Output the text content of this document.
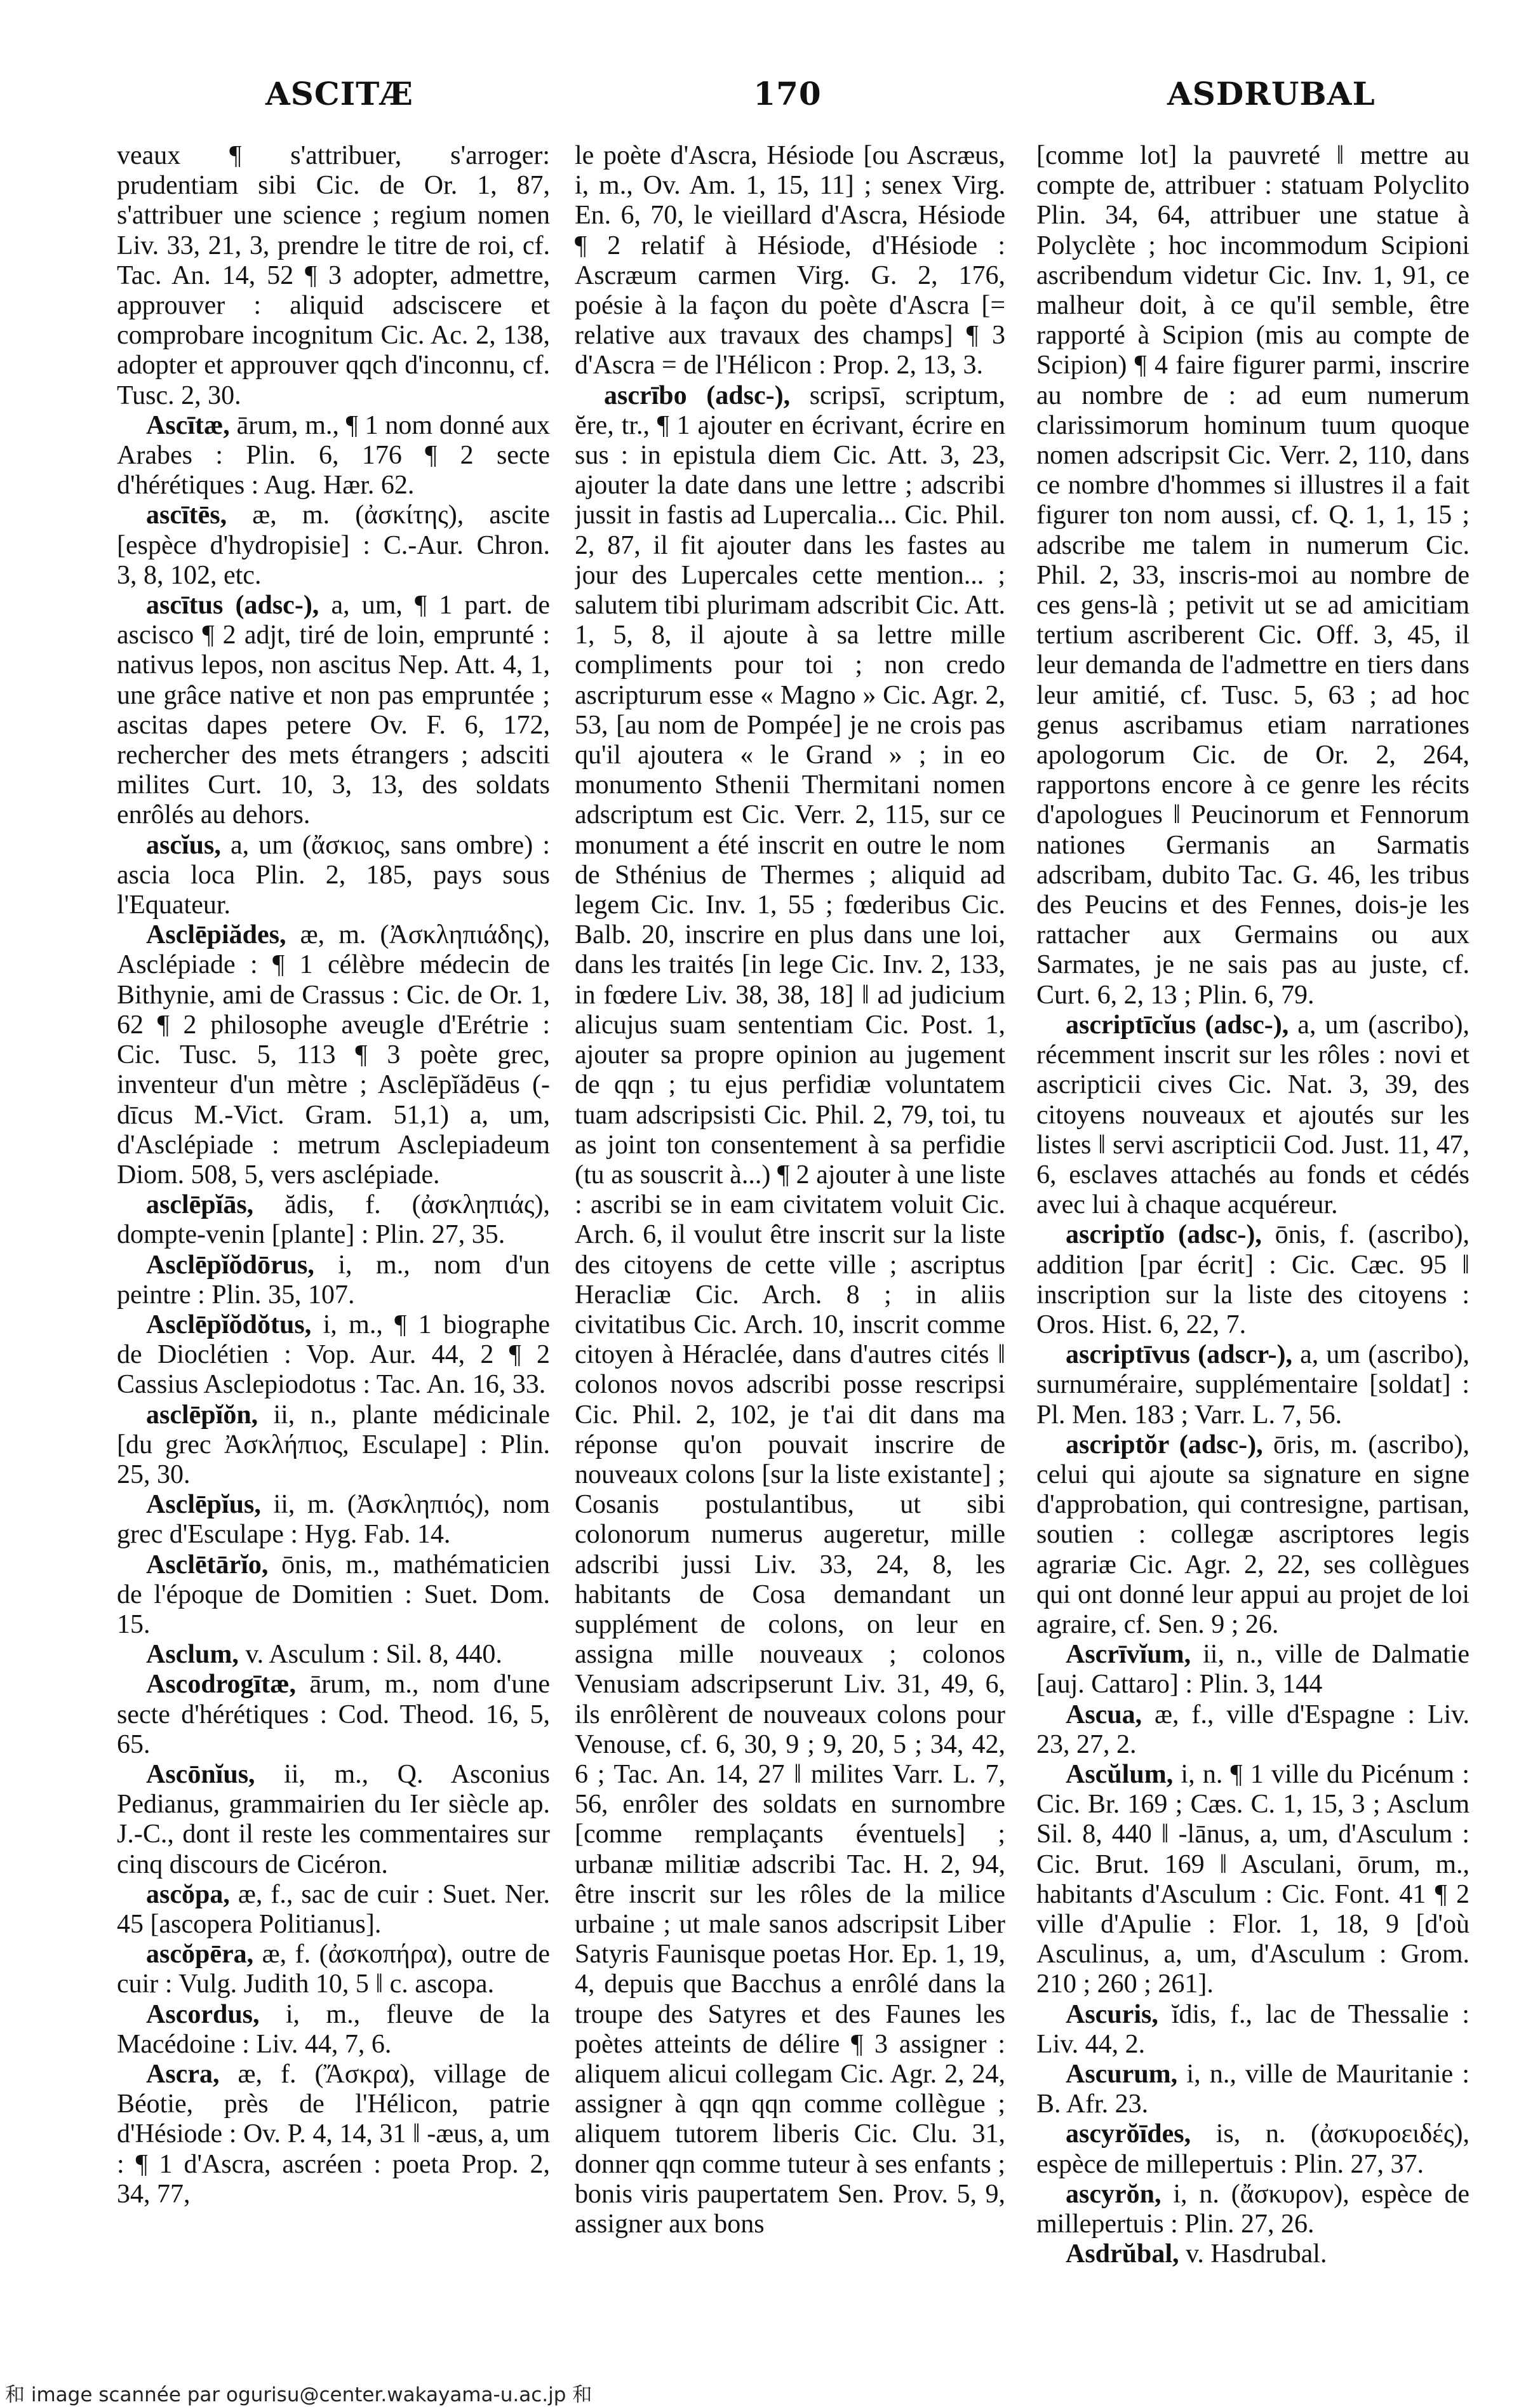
ASCITÆ	170	ASDRUBAL

veaux ¶ s'attribuer, s'arroger: prudentiam sibi Cic. de Or. 1, 87, s'attribuer une science ; regium nomen Liv. 33, 21, 3, prendre le titre de roi, cf. Tac. An. 14, 52 ¶ 3 adopter, admettre, approuver : aliquid adsciscere et comprobare incognitum Cic. Ac. 2, 138, adopter et approuver qqch d'inconnu, cf. Tusc. 2, 30.

Ascītæ, ārum, m., ¶ 1 nom donné aux Arabes : Plin. 6, 176 ¶ 2 secte d'hérétiques : Aug. Hær. 62.

ascītēs, æ, m. (ἀσκίτης), ascite [espèce d'hydropisie] : C.-Aur. Chron. 3, 8, 102, etc.

ascītus (adsc-), a, um, ¶ 1 part. de ascisco ¶ 2 adjt, tiré de loin, emprunté : nativus lepos, non ascitus Nep. Att. 4, 1, une grâce native et non pas empruntée ; ascitas dapes petere Ov. F. 6, 172, rechercher des mets étrangers ; adsciti milites Curt. 10, 3, 13, des soldats enrôlés au dehors.

ascĭus, a, um (ἄσκιος, sans ombre) : ascia loca Plin. 2, 185, pays sous l'Equateur.

Asclēpiădes, æ, m. (Ἀσκληπιάδης), Asclépiade : ¶ 1 célèbre médecin de Bithynie, ami de Crassus : Cic. de Or. 1, 62 ¶ 2 philosophe aveugle d'Erétrie : Cic. Tusc. 5, 113 ¶ 3 poète grec, inventeur d'un mètre ; Asclēpĭădēus (-dīcus M.-Vict. Gram. 51,1) a, um, d'Asclépiade : metrum Asclepiadeum Diom. 508, 5, vers asclépiade.

asclēpĭās, ădis, f. (ἀσκληπιάς), dompte-venin [plante] : Plin. 27, 35.

Asclēpĭŏdōrus, i, m., nom d'un peintre : Plin. 35, 107.

Asclēpĭŏdŏtus, i, m., ¶ 1 biographe de Dioclétien : Vop. Aur. 44, 2 ¶ 2 Cassius Asclepiodotus : Tac. An. 16, 33.

asclēpĭŏn, ii, n., plante médicinale [du grec Ἀσκλήπιος, Esculape] : Plin. 25, 30.

Asclēpĭus, ii, m. (Ἀσκληπιός), nom grec d'Esculape : Hyg. Fab. 14.

Asclētārĭo, ōnis, m., mathématicien de l'époque de Domitien : Suet. Dom. 15.

Asclum, v. Asculum : Sil. 8, 440.

Ascodrogītæ, ārum, m., nom d'une secte d'hérétiques : Cod. Theod. 16, 5, 65.

Ascōnĭus, ii, m., Q. Asconius Pedianus, grammairien du Ier siècle ap. J.-C., dont il reste les commentaires sur cinq discours de Cicéron.

ascŏpa, æ, f., sac de cuir : Suet. Ner. 45 [ascopera Politianus].

ascŏpēra, æ, f. (ἀσκοπήρα), outre de cuir : Vulg. Judith 10, 5 ‖ c. ascopa.

Ascordus, i, m., fleuve de la Macédoine : Liv. 44, 7, 6.

Ascra, æ, f. (Ἄσκρα), village de Béotie, près de l'Hélicon, patrie d'Hésiode : Ov. P. 4, 14, 31 ‖ -æus, a, um : ¶ 1 d'Ascra, ascréen : poeta Prop. 2, 34, 77,

le poète d'Ascra, Hésiode [ou Ascræus, i, m., Ov. Am. 1, 15, 11] ; senex Virg. En. 6, 70, le vieillard d'Ascra, Hésiode ¶ 2 relatif à Hésiode, d'Hésiode : Ascræum carmen Virg. G. 2, 176, poésie à la façon du poète d'Ascra [= relative aux travaux des champs] ¶ 3 d'Ascra = de l'Hélicon : Prop. 2, 13, 3.

ascrībo (adsc-), scripsī, scriptum, ĕre, tr., ¶ 1 ajouter en écrivant, écrire en sus : in epistula diem Cic. Att. 3, 23, ajouter la date dans une lettre ; adscribi jussit in fastis ad Lupercalia... Cic. Phil. 2, 87, il fit ajouter dans les fastes au jour des Lupercales cette mention... ; salutem tibi plurimam adscribit Cic. Att. 1, 5, 8, il ajoute à sa lettre mille compliments pour toi ; non credo ascripturum esse « Magno » Cic. Agr. 2, 53, [au nom de Pompée] je ne crois pas qu'il ajoutera « le Grand » ; in eo monumento Sthenii Thermitani nomen adscriptum est Cic. Verr. 2, 115, sur ce monument a été inscrit en outre le nom de Sthénius de Thermes ; aliquid ad legem Cic. Inv. 1, 55 ; fœderibus Cic. Balb. 20, inscrire en plus dans une loi, dans les traités [in lege Cic. Inv. 2, 133, in fœdere Liv. 38, 38, 18] ‖ ad judicium alicujus suam sententiam Cic. Post. 1, ajouter sa propre opinion au jugement de qqn ; tu ejus perfidiæ voluntatem tuam adscripsisti Cic. Phil. 2, 79, toi, tu as joint ton consentement à sa perfidie (tu as souscrit à...) ¶ 2 ajouter à une liste : ascribi se in eam civitatem voluit Cic. Arch. 6, il voulut être inscrit sur la liste des citoyens de cette ville ; ascriptus Heracliæ Cic. Arch. 8 ; in aliis civitatibus Cic. Arch. 10, inscrit comme citoyen à Héraclée, dans d'autres cités ‖ colonos novos adscribi posse rescripsi Cic. Phil. 2, 102, je t'ai dit dans ma réponse qu'on pouvait inscrire de nouveaux colons [sur la liste existante] ; Cosanis postulantibus, ut sibi colonorum numerus augeretur, mille adscribi jussi Liv. 33, 24, 8, les habitants de Cosa demandant un supplément de colons, on leur en assigna mille nouveaux ; colonos Venusiam adscripserunt Liv. 31, 49, 6, ils enrôlèrent de nouveaux colons pour Venouse, cf. 6, 30, 9 ; 9, 20, 5 ; 34, 42, 6 ; Tac. An. 14, 27 ‖ milites Varr. L. 7, 56, enrôler des soldats en surnombre [comme remplaçants éventuels] ; urbanæ militiæ adscribi Tac. H. 2, 94, être inscrit sur les rôles de la milice urbaine ; ut male sanos adscripsit Liber Satyris Faunisque poetas Hor. Ep. 1, 19, 4, depuis que Bacchus a enrôlé dans la troupe des Satyres et des Faunes les poètes atteints de délire ¶ 3 assigner : aliquem alicui collegam Cic. Agr. 2, 24, assigner à qqn qqn comme collègue ; aliquem tutorem liberis Cic. Clu. 31, donner qqn comme tuteur à ses enfants ; bonis viris paupertatem Sen. Prov. 5, 9, assigner aux bons

[comme lot] la pauvreté ‖ mettre au compte de, attribuer : statuam Polyclito Plin. 34, 64, attribuer une statue à Polyclète ; hoc incommodum Scipioni ascribendum videtur Cic. Inv. 1, 91, ce malheur doit, à ce qu'il semble, être rapporté à Scipion (mis au compte de Scipion) ¶ 4 faire figurer parmi, inscrire au nombre de : ad eum numerum clarissimorum hominum tuum quoque nomen adscripsit Cic. Verr. 2, 110, dans ce nombre d'hommes si illustres il a fait figurer ton nom aussi, cf. Q. 1, 1, 15 ; adscribe me talem in numerum Cic. Phil. 2, 33, inscris-moi au nombre de ces gens-là ; petivit ut se ad amicitiam tertium ascriberent Cic. Off. 3, 45, il leur demanda de l'admettre en tiers dans leur amitié, cf. Tusc. 5, 63 ; ad hoc genus ascribamus etiam narrationes apologorum Cic. de Or. 2, 264, rapportons encore à ce genre les récits d'apologues ‖ Peucinorum et Fennorum nationes Germanis an Sarmatis adscribam, dubito Tac. G. 46, les tribus des Peucins et des Fennes, dois-je les rattacher aux Germains ou aux Sarmates, je ne sais pas au juste, cf. Curt. 6, 2, 13 ; Plin. 6, 79.

ascriptīcĭus (adsc-), a, um (ascribo), récemment inscrit sur les rôles : novi et ascripticii cives Cic. Nat. 3, 39, des citoyens nouveaux et ajoutés sur les listes ‖ servi ascripticii Cod. Just. 11, 47, 6, esclaves attachés au fonds et cédés avec lui à chaque acquéreur.

ascriptĭo (adsc-), ōnis, f. (ascribo), addition [par écrit] : Cic. Cæc. 95 ‖ inscription sur la liste des citoyens : Oros. Hist. 6, 22, 7.

ascriptīvus (adscr-), a, um (ascribo), surnuméraire, supplémentaire [soldat] : Pl. Men. 183 ; Varr. L. 7, 56.

ascriptŏr (adsc-), ōris, m. (ascribo), celui qui ajoute sa signature en signe d'approbation, qui contresigne, partisan, soutien : collegæ ascriptores legis agrariæ Cic. Agr. 2, 22, ses collègues qui ont donné leur appui au projet de loi agraire, cf. Sen. 9 ; 26.

Ascrīvĭum, ii, n., ville de Dalmatie [auj. Cattaro] : Plin. 3, 144

Ascua, æ, f., ville d'Espagne : Liv. 23, 27, 2.

Ascŭlum, i, n. ¶ 1 ville du Picénum : Cic. Br. 169 ; Cæs. C. 1, 15, 3 ; Asclum Sil. 8, 440 ‖ -lānus, a, um, d'Asculum : Cic. Brut. 169 ‖ Asculani, ōrum, m., habitants d'Asculum : Cic. Font. 41 ¶ 2 ville d'Apulie : Flor. 1, 18, 9 [d'où Asculinus, a, um, d'Asculum : Grom. 210 ; 260 ; 261].

Ascuris, ĭdis, f., lac de Thessalie : Liv. 44, 2.

Ascurum, i, n., ville de Mauritanie : B. Afr. 23.

ascyrŏīdes, is, n. (ἀσκυροειδές), espèce de millepertuis : Plin. 27, 37.

ascyrŏn, i, n. (ἄσκυρον), espèce de millepertuis : Plin. 27, 26.

Asdrŭbal, v. Hasdrubal.

和 image scannée par ogurisu@center.wakayama-u.ac.jp 和
